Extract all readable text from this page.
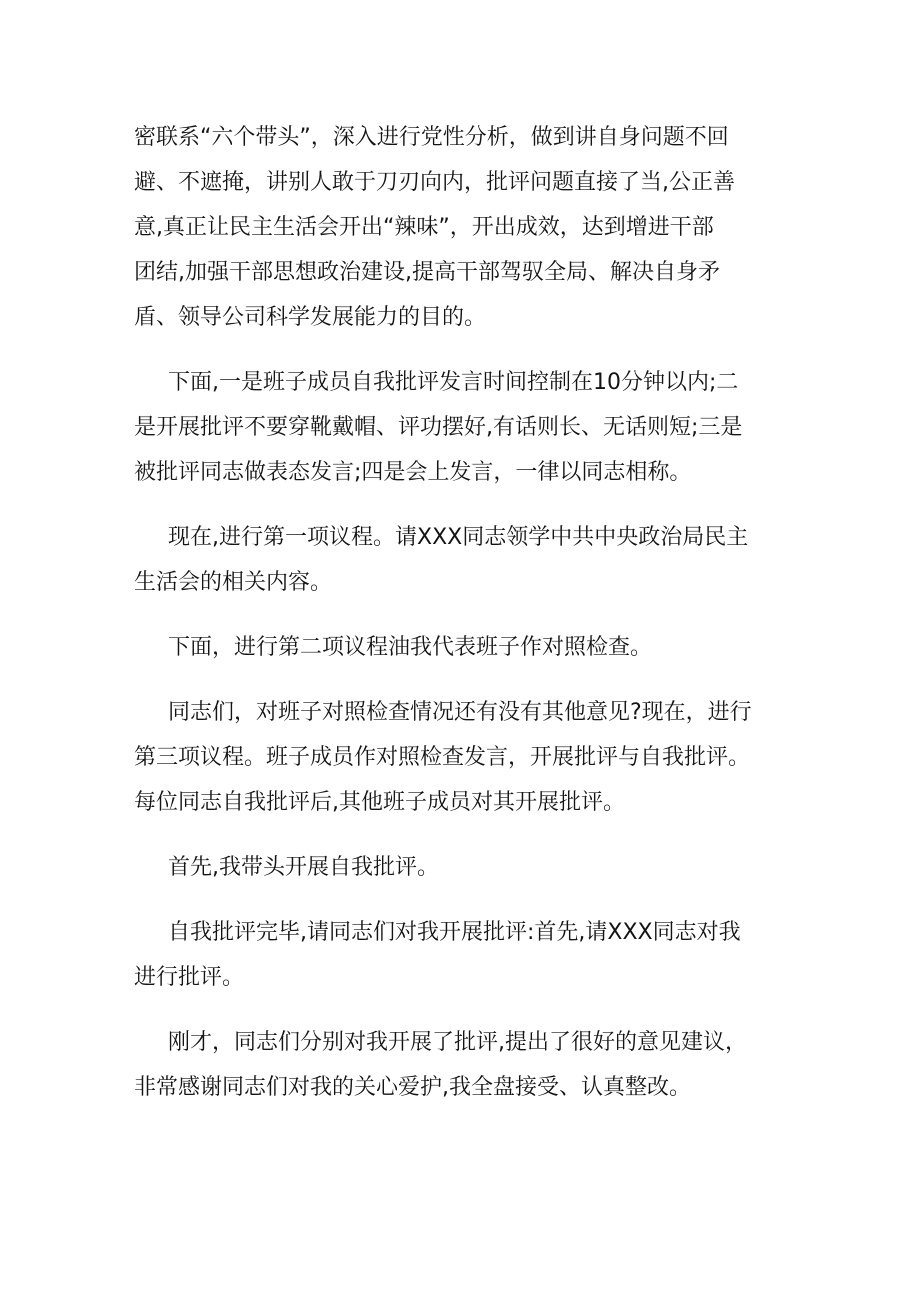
密联系“六个带头”，深入进行党性分析，做到讲自身问题不回
避、不遮掩，讲别人敢于刀刃向内，批评问题直接了当,公正善
意,真正让民主生活会开出“辣味”，开出成效，达到增进干部
团结,加强干部思想政治建设,提高干部驾驭全局、解决自身矛
盾、领导公司科学发展能力的目的。

下面,一是班子成员自我批评发言时间控制在10分钟以内;二
是开展批评不要穿靴戴帽、评功摆好,有话则长、无话则短;三是
被批评同志做表态发言;四是会上发言，一律以同志相称。

现在,进行第一项议程。请XXX同志领学中共中央政治局民主
生活会的相关内容。

下面，进行第二项议程油我代表班子作对照检查。

同志们，对班子对照检查情况还有没有其他意见?现在，进行
第三项议程。班子成员作对照检查发言，开展批评与自我批评。
每位同志自我批评后,其他班子成员对其开展批评。

首先,我带头开展自我批评。

自我批评完毕,请同志们对我开展批评:首先,请XXX同志对我
进行批评。

刚才，同志们分别对我开展了批评,提出了很好的意见建议，
非常感谢同志们对我的关心爱护,我全盘接受、认真整改。
